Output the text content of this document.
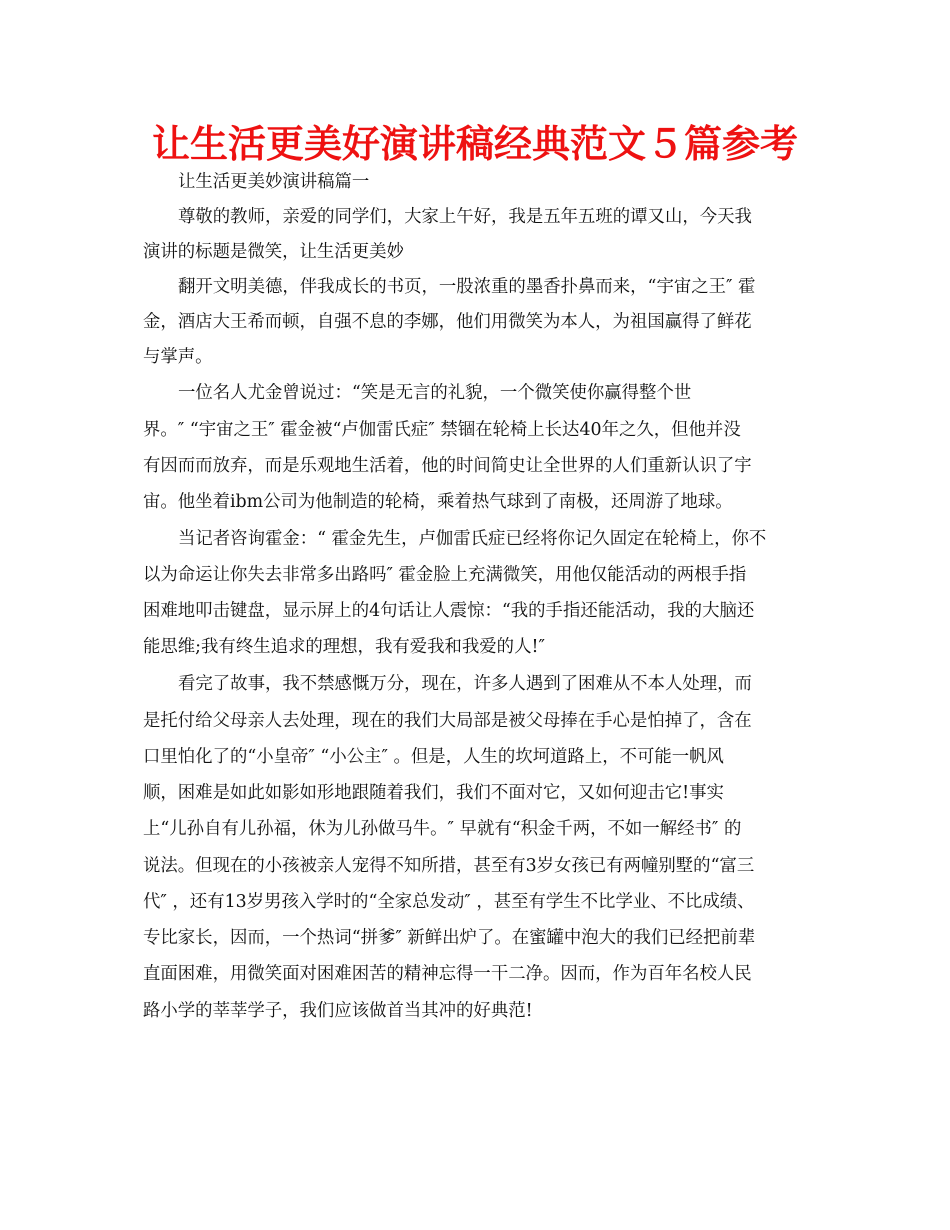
让生活更美好演讲稿经典范文５篇参考

让生活更美妙演讲稿篇一

尊敬的教师，亲爱的同学们，大家上午好，我是五年五班的谭又山，今天我

演讲的标题是微笑，让生活更美妙

翻开文明美德，伴我成长的书页，一股浓重的墨香扑鼻而来，“宇宙之王″ 霍

金，酒店大王希而顿，自强不息的李娜，他们用微笑为本人，为祖国赢得了鲜花

与掌声。

一位名人尤金曾说过：“笑是无言的礼貌，一个微笑使你赢得整个世

界。″ “宇宙之王″ 霍金被“卢伽雷氏症″ 禁锢在轮椅上长达40年之久，但他并没

有因而而放弃，而是乐观地生活着，他的时间简史让全世界的人们重新认识了宇

宙。他坐着ibm公司为他制造的轮椅，乘着热气球到了南极，还周游了地球。

当记者咨询霍金：“ 霍金先生，卢伽雷氏症已经将你记久固定在轮椅上，你不

以为命运让你失去非常多出路吗″ 霍金脸上充满微笑，用他仅能活动的两根手指

困难地叩击键盘，显示屏上的4句话让人震惊：“我的手指还能活动，我的大脑还

能思维;我有终生追求的理想，我有爱我和我爱的人!″

看完了故事，我不禁感慨万分，现在，许多人遇到了困难从不本人处理，而

是托付给父母亲人去处理，现在的我们大局部是被父母捧在手心是怕掉了，含在

口里怕化了的“小皇帝″ “小公主″ 。但是，人生的坎坷道路上，不可能一帆风

顺，困难是如此如影如形地跟随着我们，我们不面对它，又如何迎击它!事实

上“儿孙自有儿孙福，休为儿孙做马牛。″ 早就有“积金千两，不如一解经书″ 的

说法。但现在的小孩被亲人宠得不知所措，甚至有3岁女孩已有两幢别墅的“富三

代″ ，还有13岁男孩入学时的“全家总发动″ ，甚至有学生不比学业、不比成绩、

专比家长，因而，一个热词“拼爹″ 新鲜出炉了。在蜜罐中泡大的我们已经把前辈

直面困难，用微笑面对困难困苦的精神忘得一干二净。因而，作为百年名校人民

路小学的莘莘学子，我们应该做首当其冲的好典范!
